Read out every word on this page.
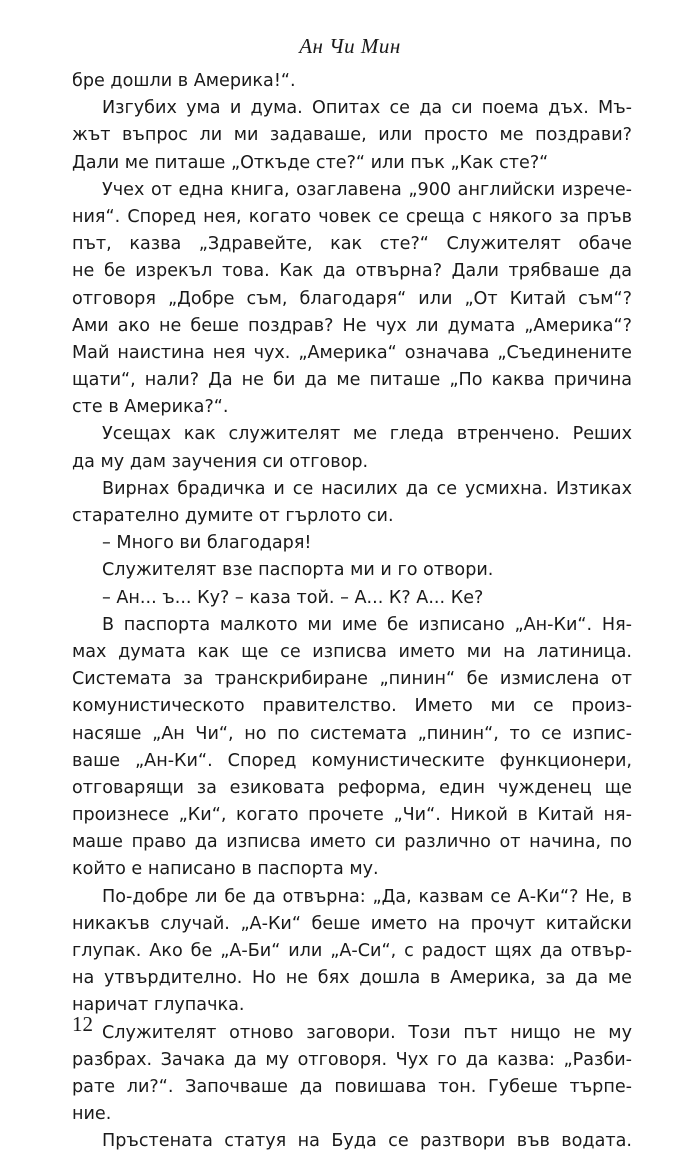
Ан Чи Мин
бре дошли в Америка!“.
Изгубих ума и дума. Опитах се да си поема дъх. Мъ-
жът въпрос ли ми задаваше, или просто ме поздрави?
Дали ме питаше „Откъде сте?“ или пък „Как сте?“
Учех от една книга, озаглавена „900 английски изрече-
ния“. Според нея, когато човек се среща с някого за пръв
път, казва „Здравейте, как сте?“ Служителят обаче
не бе изрекъл това. Как да отвърна? Дали трябваше да
отговоря „Добре съм, благодаря“ или „От Китай съм“?
Ами ако не беше поздрав? Не чух ли думата „Америка“?
Май наистина нея чух. „Америка“ означава „Съединените
щати“, нали? Да не би да ме питаше „По каква причина
сте в Америка?“.
Усещах как служителят ме гледа втренчено. Реших
да му дам заучения си отговор.
Вирнах брадичка и се насилих да се усмихна. Изтиках
старателно думите от гърлото си.
– Много ви благодаря!
Служителят взе паспорта ми и го отвори.
– Ан... ъ... Ку? – каза той. – А... К? А... Ке?
В паспорта малкото ми име бе изписано „Ан-Ки“. Ня-
мах думата как ще се изписва името ми на латиница.
Системата за транскрибиране „пинин“ бе измислена от
комунистическото правителство. Името ми се произ-
насяше „Ан Чи“, но по системата „пинин“, то се изпис-
ваше „Ан-Ки“. Според комунистическите функционери,
отговарящи за езиковата реформа, един чужденец ще
произнесе „Ки“, когато прочете „Чи“. Никой в Китай ня-
маше право да изписва името си различно от начина, по
който е написано в паспорта му.
По-добре ли бе да отвърна: „Да, казвам се А-Ки“? Не, в
никакъв случай. „А-Ки“ беше името на прочут китайски
глупак. Ако бе „А-Би“ или „А-Си“, с радост щях да отвър-
на утвърдително. Но не бях дошла в Америка, за да ме
наричат глупачка.
Служителят отново заговори. Този път нищо не му
разбрах. Зачака да му отговоря. Чух го да казва: „Разби-
рате ли?“. Започваше да повишава тон. Губеше търпе-
ние.
Пръстената статуя на Буда се разтвори във водата.
12
